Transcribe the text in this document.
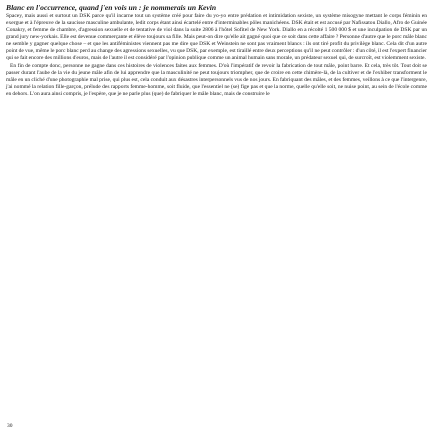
Blanc en l'occurrence, quand j'en vois un : je nommerais un Kevin

Spacey, mais aussi et surtout un DSK parce qu'il incarne tout un système créé pour faire du yo-yo entre prédation et intimidation sexiste, un système misogyne mettant le corps féminin en exergue et à l'épreuve de la saucisse masculine ambulante, ledit corps étant ainsi écartelé entre d'interminables pôles manichéens. DSK était et est accusé par Nafissatou Diallo, Afro de Guinée Conakry, et femme de chambre, d'agression sexuelle et de tentative de viol dans la suite 2806 à l'hôtel Sofitel de New York. Diallo en a récolté 1 500 000 $ et une inculpation de DSK par un grand jury new-yorkais. Elle est devenue commerçante et élève toujours sa fille. Mais peut-on dire qu'elle ait gagné quoi que ce soit dans cette affaire ? Personne d'autre que le porc mâle blanc ne semble y gagner quelque chose – et que les antiféministes viennent pas me dire que DSK et Weinstein ne sont pas vraiment blancs : ils ont tiré profit du privilège blanc. Cela dit d'un autre point de vue, même le porc blanc perd au change des agressions sexuelles, vu que DSK, par exemple, est tiraillé entre deux perceptions qu'il ne peut contrôler : d'un côté, il est l'expert financier qui se fait encore des millions d'euros, mais de l'autre il est considéré par l'opinion publique comme un animal humain sans morale, un prédateur sexuel qui, de surcroît, est violemment sexiste.

En fin de compte donc, personne ne gagne dans ces histoires de violences faites aux femmes. D'où l'impératif de revoir la fabrication de tout mâle, point barre. Et cela, très tôt. Tout doit se passer durant l'aube de la vie du jeune mâle afin de lui apprendre que la masculinité ne peut toujours triompher, que de croire en cette chimère-là, de la cultiver et de l'exhiber transforment le mâle en un cliché d'une photographie mal prise, qui plus est, cela conduit aux désastres interpersonnels vus de nos jours. En fabriquant des mâles, et des femmes, veillons à ce que l'intergenre, j'ai nommé la relation fille-garçon, prélude des rapports femme-homme, soit fluide, que l'essentiel ne (se) fige pas et que la norme, quelle qu'elle soit, ne nuise point, au sein de l'école comme en dehors. L'on aura ainsi compris, je l'espère, que je ne parle plus (que) de fabriquer le mâle blanc, mais de construire le

30
